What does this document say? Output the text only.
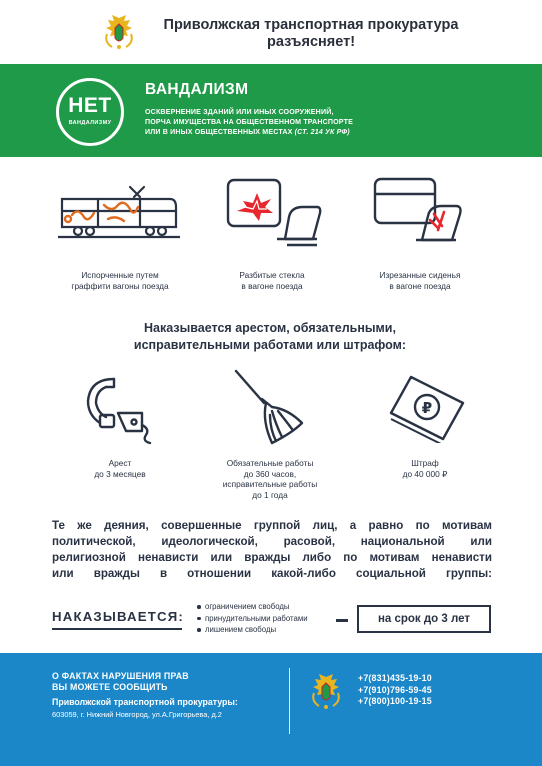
Приволжская транспортная прокуратура
разъясняет!
НЕТ
ВАНДАЛИЗМУ
ВАНДАЛИЗМ
ОСКВЕРНЕНИЕ ЗДАНИЙ ИЛИ ИНЫХ СООРУЖЕНИЙ,
ПОРЧА ИМУЩЕСТВА НА ОБЩЕСТВЕННОМ ТРАНСПОРТЕ
ИЛИ В ИНЫХ ОБЩЕСТВЕННЫХ МЕСТАХ (СТ. 214 УК РФ)
Испорченные путем
граффити вагоны поезда
Разбитые стекла
в вагоне поезда
Изрезанные сиденья
в вагоне поезда
Наказывается арестом, обязательными,
исправительными работами или штрафом:
₽
Арест
до 3 месяцев
Обязательные работы
до 360 часов,
исправительные работы
до 1 года
Штраф
до 40 000 ₽
Те же деяния, совершенные группой лиц, а равно по мотивам
политической, идеологической, расовой, национальной или
религиозной ненависти или вражды либо по мотивам ненависти
или вражды в отношении какой-либо социальной группы:
НАКАЗЫВАЕТСЯ:
ограничением свободы
принудительными работами
лишением свободы
на срок до 3 лет
О ФАКТАХ НАРУШЕНИЯ ПРАВ
ВЫ МОЖЕТЕ СООБЩИТЬ
Приволжской транспортной прокуратуры:
603059, г. Нижний Новгород, ул.А.Григорьева, д.2
+7(831)435-19-10
+7(910)796-59-45
+7(800)100-19-15
